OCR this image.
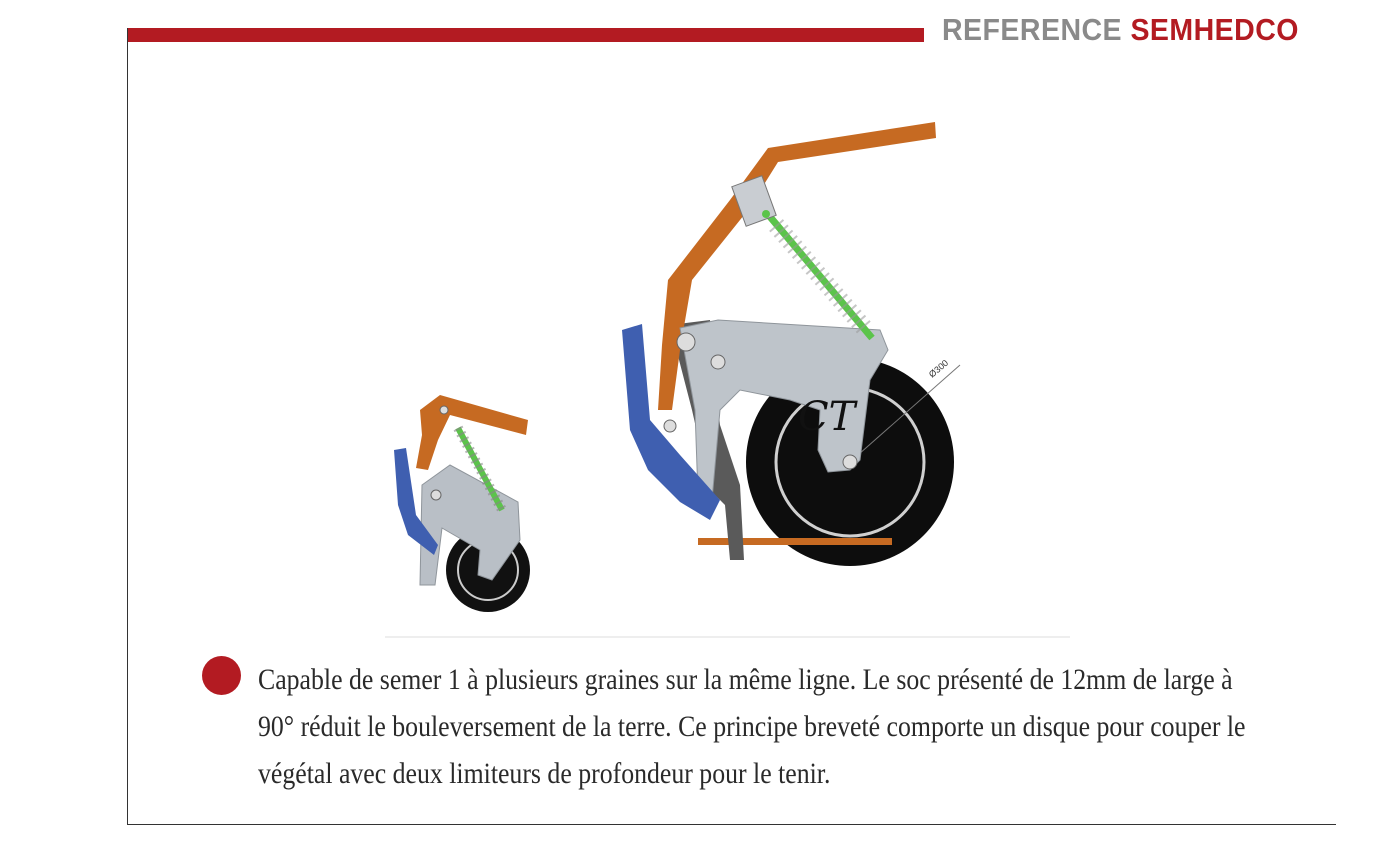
REFERENCE SEMHEDCO
Ø300
CT
Capable de semer 1 à plusieurs graines sur la même ligne. Le soc présenté de 12mm de large à 90° réduit le bouleversement de la terre. Ce principe breveté comporte un disque pour couper le végétal avec deux limiteurs de profondeur pour le tenir.
